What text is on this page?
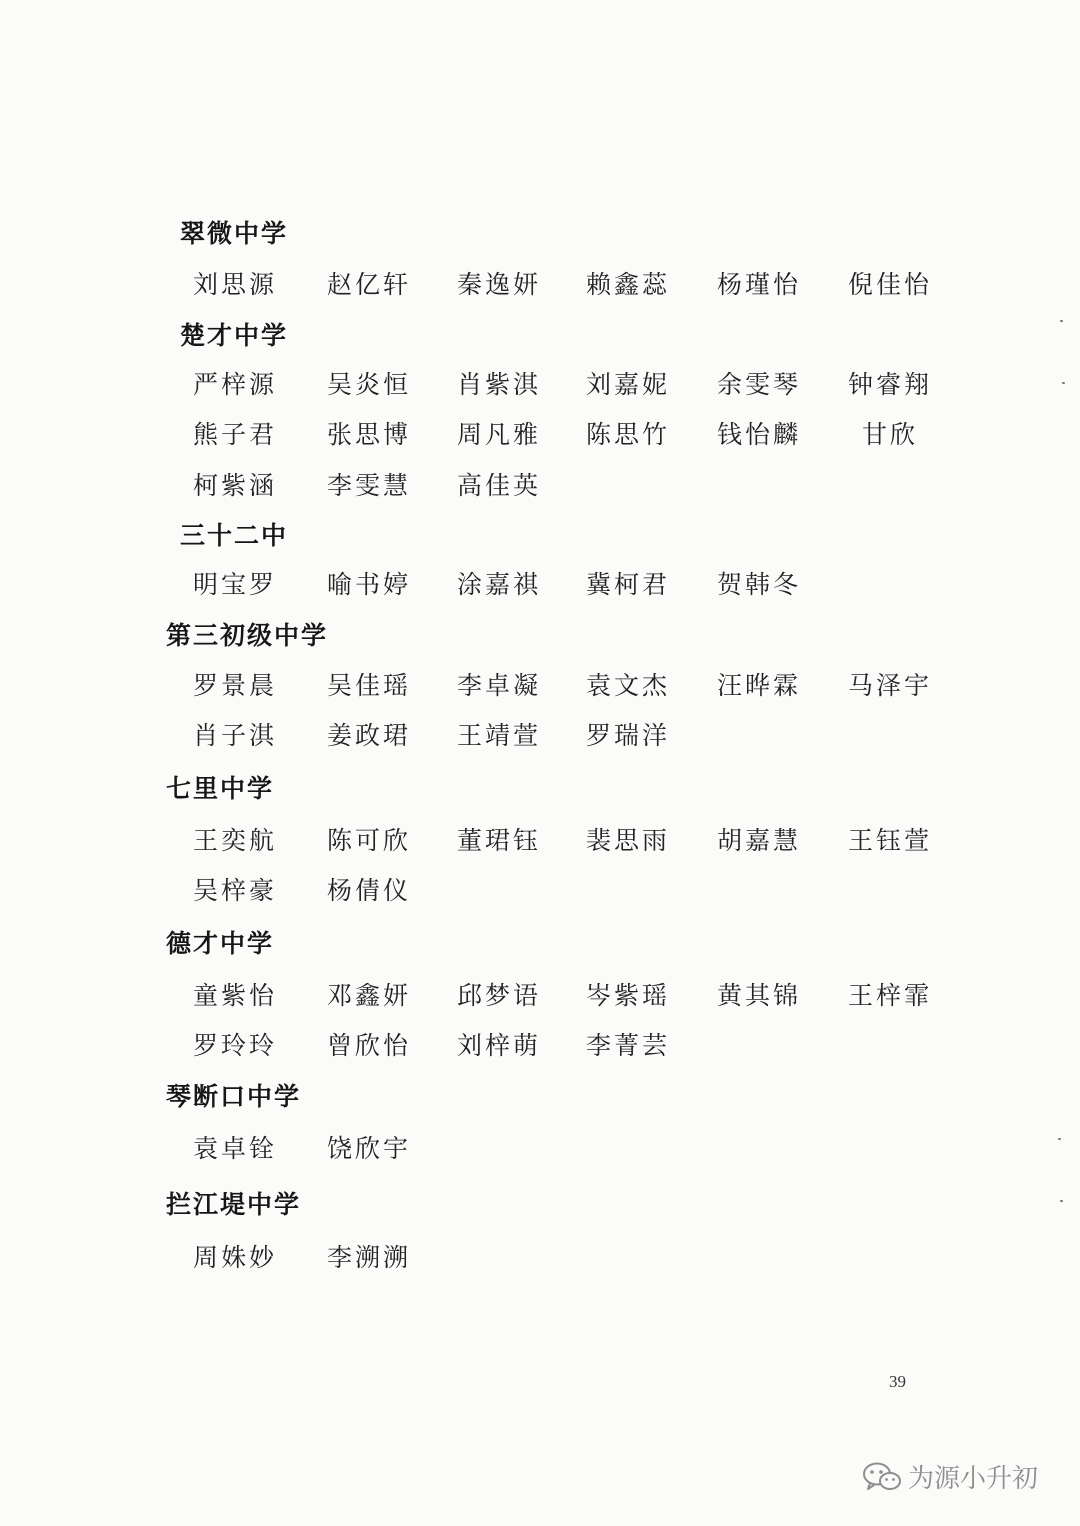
翠微中学
刘思源 赵亿轩 秦逸妍 赖鑫蕊 杨瑾怡 倪佳怡
楚才中学
严梓源 吴炎恒 肖紫淇 刘嘉妮 余雯琴 钟睿翔
熊子君 张思博 周凡雅 陈思竹 钱怡麟 甘欣
柯紫涵 李雯慧 高佳英
三十二中
明宝罗 喻书婷 涂嘉祺 冀柯君 贺韩冬
第三初级中学
罗景晨 吴佳瑶 李卓凝 袁文杰 汪晔霖 马泽宇
肖子淇 姜政珺 王靖萱 罗瑞洋
七里中学
王奕航 陈可欣 董珺钰 裴思雨 胡嘉慧 王钰萱
吴梓豪 杨倩仪
德才中学
童紫怡 邓鑫妍 邱梦语 岑紫瑶 黄其锦 王梓霏
罗玲玲 曾欣怡 刘梓萌 李菁芸
琴断口中学
袁卓铨 饶欣宇
拦江堤中学
周姝妙 李溯溯
39
为源小升初
